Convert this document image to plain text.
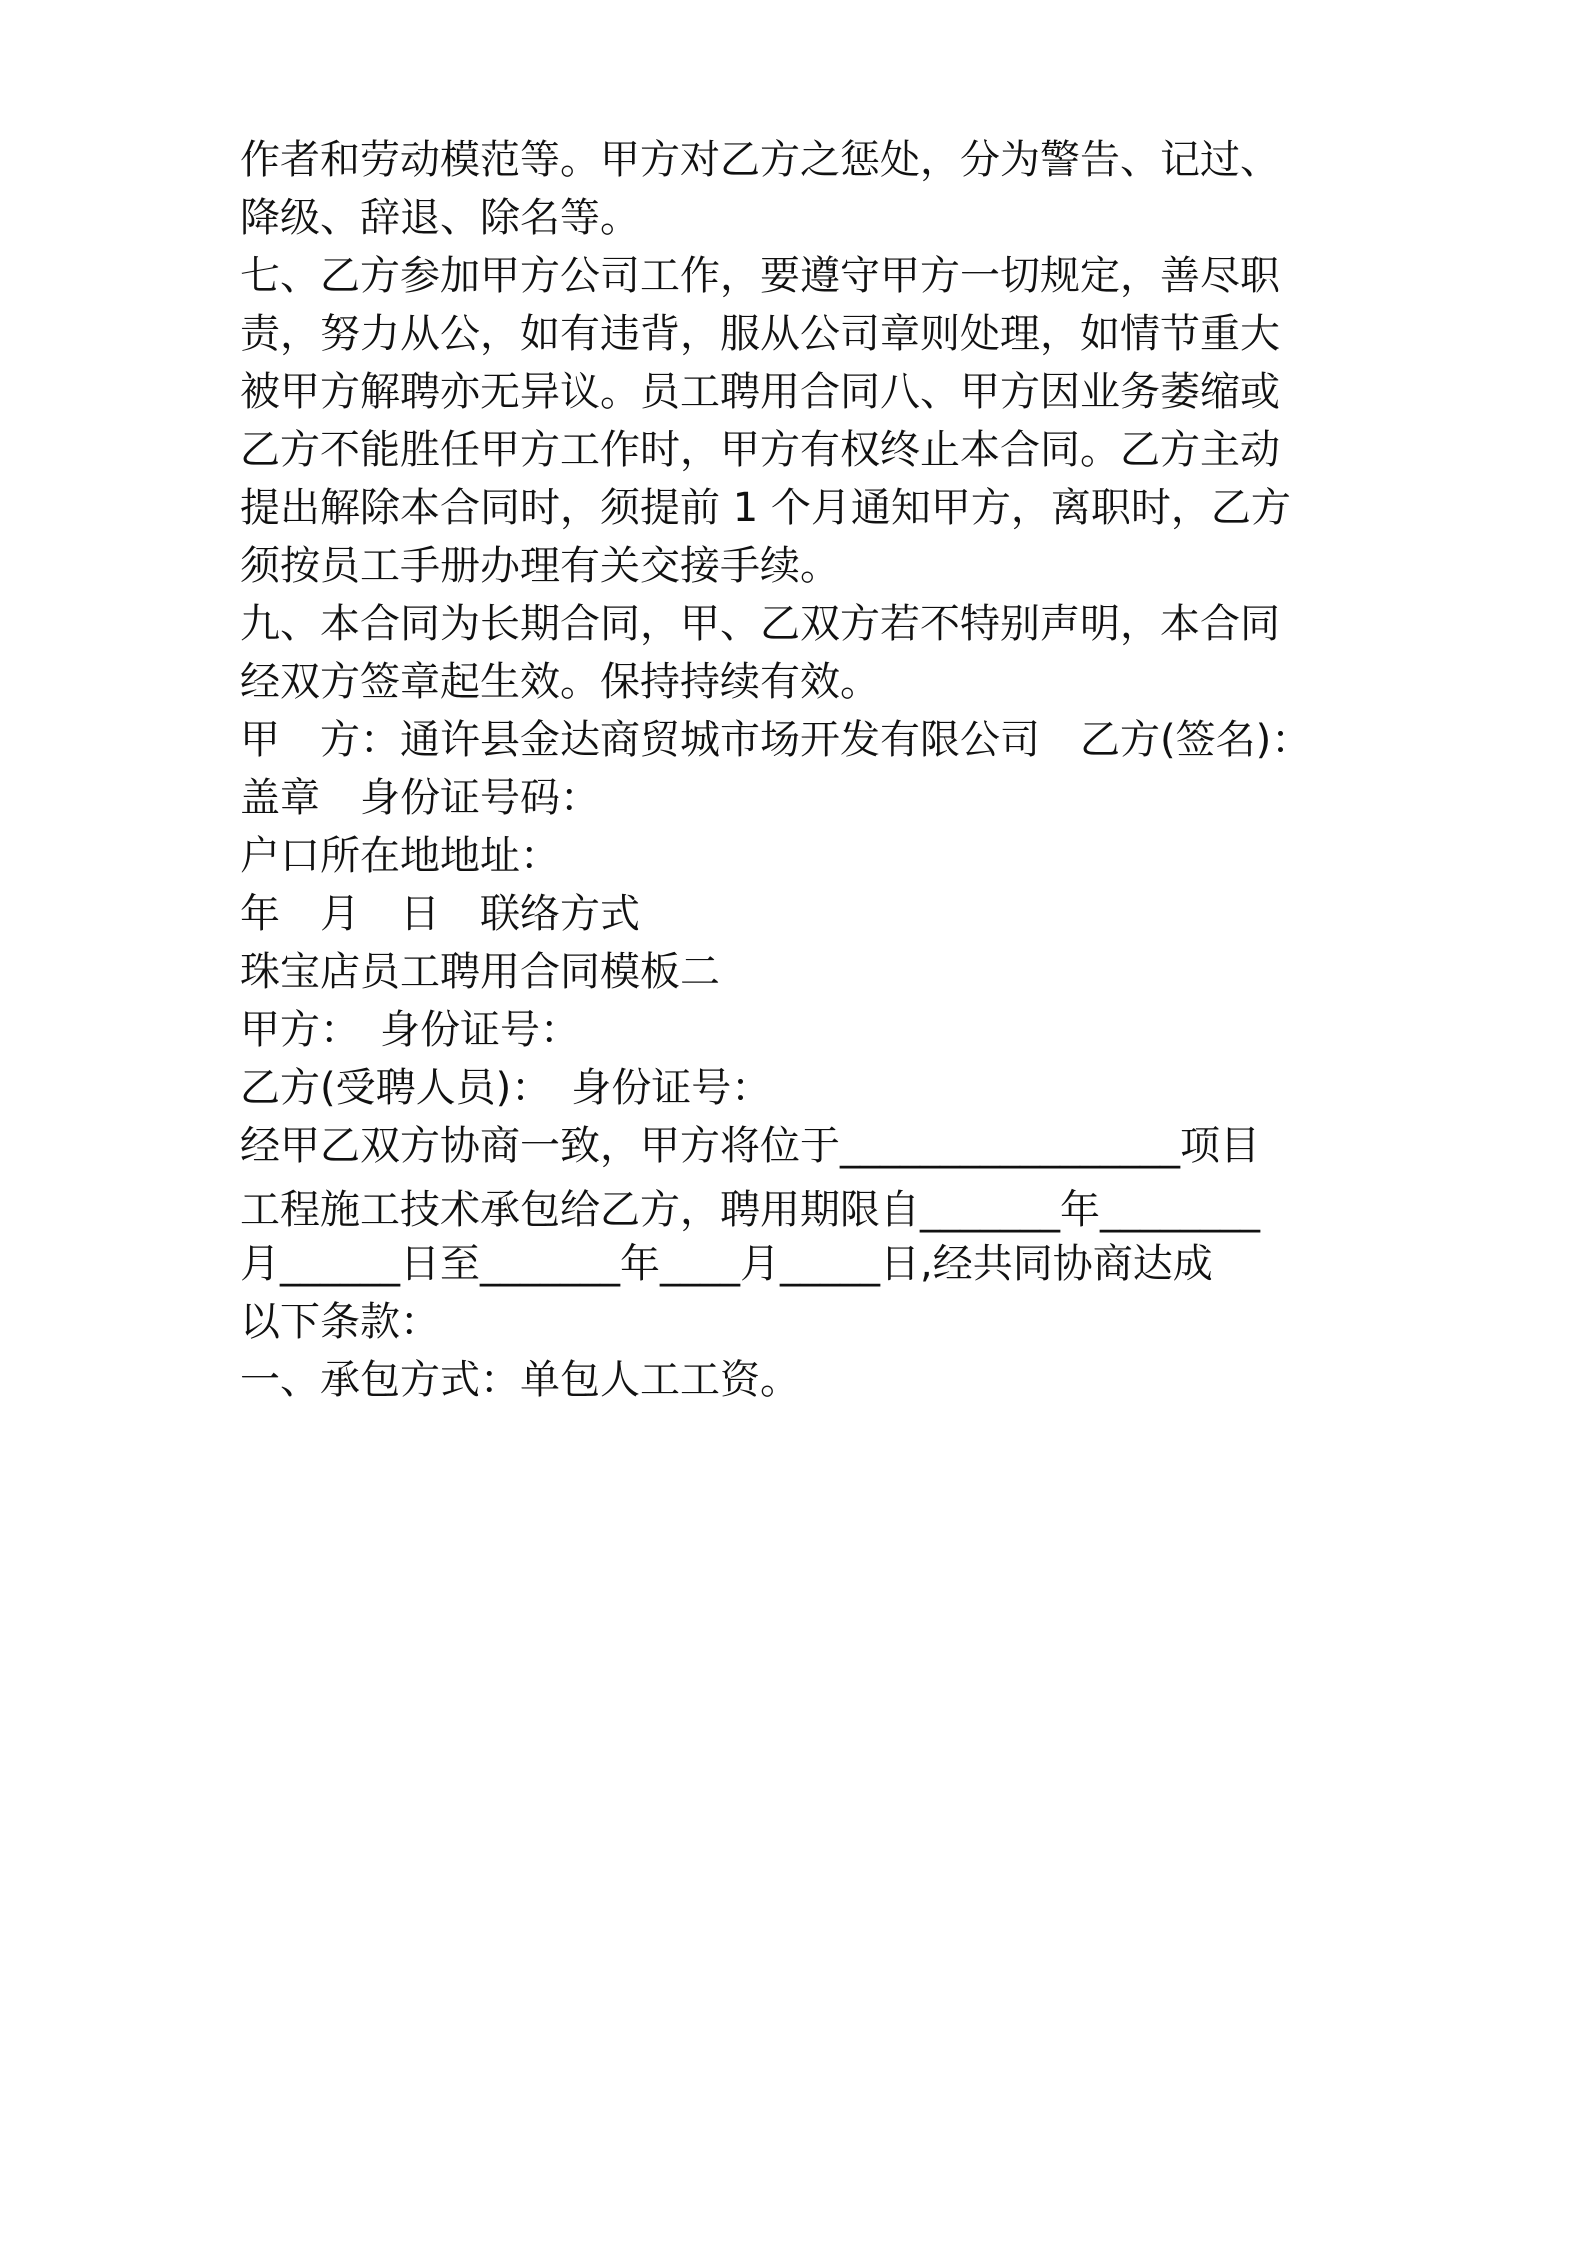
作者和劳动模范等。甲方对乙方之惩处，分为警告、记过、
降级、辞退、除名等。
七、乙方参加甲方公司工作，要遵守甲方一切规定，善尽职
责，努力从公，如有违背，服从公司章则处理，如情节重大
被甲方解聘亦无异议。员工聘用合同八、甲方因业务萎缩或
乙方不能胜任甲方工作时，甲方有权终止本合同。乙方主动
提出解除本合同时，须提前 1 个月通知甲方，离职时，乙方
须按员工手册办理有关交接手续。
九、本合同为长期合同，甲、乙双方若不特别声明，本合同
经双方签章起生效。保持持续有效。
甲　方：通许县金达商贸城市场开发有限公司　乙方(签名)：
盖章　身份证号码：
户口所在地地址：
年　月　日　联络方式
珠宝店员工聘用合同模板二
甲方：　身份证号：
乙方(受聘人员)：　身份证号：
经甲乙双方协商一致，甲方将位于_________________项目
工程施工技术承包给乙方，聘用期限自_______年________
月______日至_______年____月_____日,经共同协商达成
以下条款：
一、承包方式：单包人工工资。
